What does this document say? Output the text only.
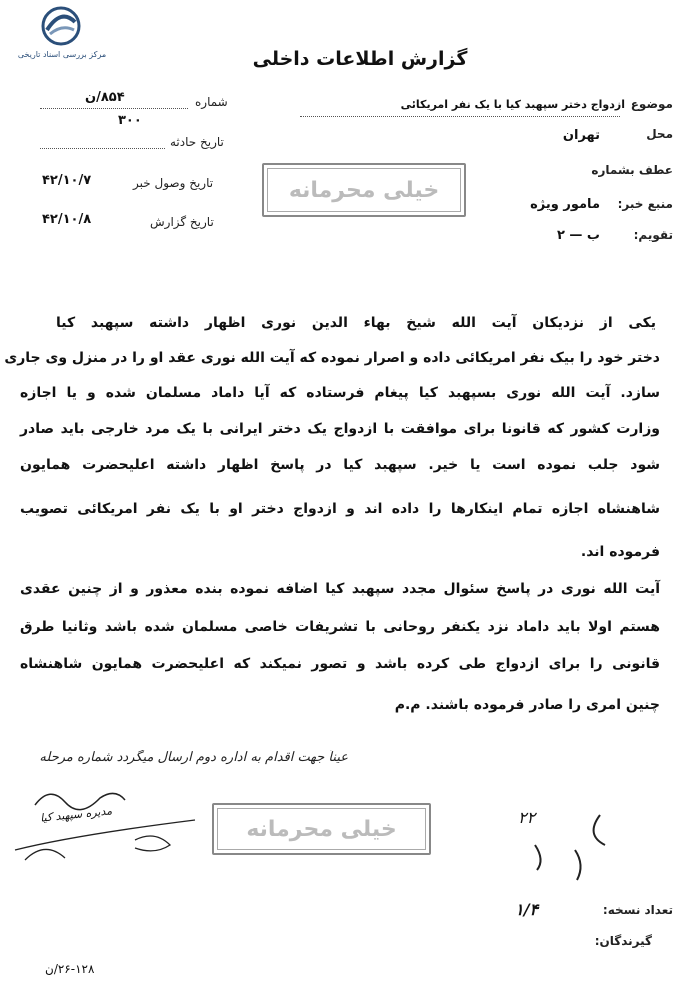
مرکز بررسی اسناد تاریخی	گزارش اطلاعات داخلی
شماره
۸۵۴/ن
۳۰۰
تاریخ حادثه
تاریخ وصول خبر
۴۲/۱۰/۷
تاریخ گزارش
۴۲/۱۰/۸
خیلی محرمانه
موضوع
ازدواج دختر سپهبد کیا با یک نفر امریکائی
محل
تهران
عطف بشماره
منبع خبر:
مامور ویژه
تقویم:
ب — ۲
یکی از نزدیکان آیت الله شیخ بهاء الدین نوری اظهار داشته سپهبد کیا
دختر خود را بیک نفر امریکائی داده و اصرار نموده که آیت الله نوری عقد او را در منزل وی جاری
سازد. آیت الله نوری بسپهبد کیا پیغام فرستاده که آیا داماد مسلمان شده و یا اجازه
وزارت کشور که قانونا برای موافقت با ازدواج یک دختر ایرانی با یک مرد خارجی باید صادر
شود جلب نموده است یا خیر. سپهبد کیا در پاسخ اظهار داشته اعلیحضرت همایون
شاهنشاه اجازه تمام اینکارها را داده اند و ازدواج دختر او با یک نفر امریکائی تصویب
فرموده اند.
آیت الله نوری در پاسخ سئوال مجدد سپهبد کیا اضافه نموده بنده معذور و از چنین عقدی
هستم اولا باید داماد نزد یکنفر روحانی با تشریفات خاصی مسلمان شده باشد وثانیا طرق
قانونی را برای ازدواج طی کرده باشد و تصور نمیکند که اعلیحضرت همایون شاهنشاه
چنین امری را صادر فرموده باشند. م.م
عیناً جهت اقدام به اداره دوم ارسال میگردد شماره مرحله
مدیره سپهبد کیا
خیلی محرمانه	۲۲
تعداد نسخه:
۱/۴
گیرندگان:
۲۶-۱۲۸/ن
